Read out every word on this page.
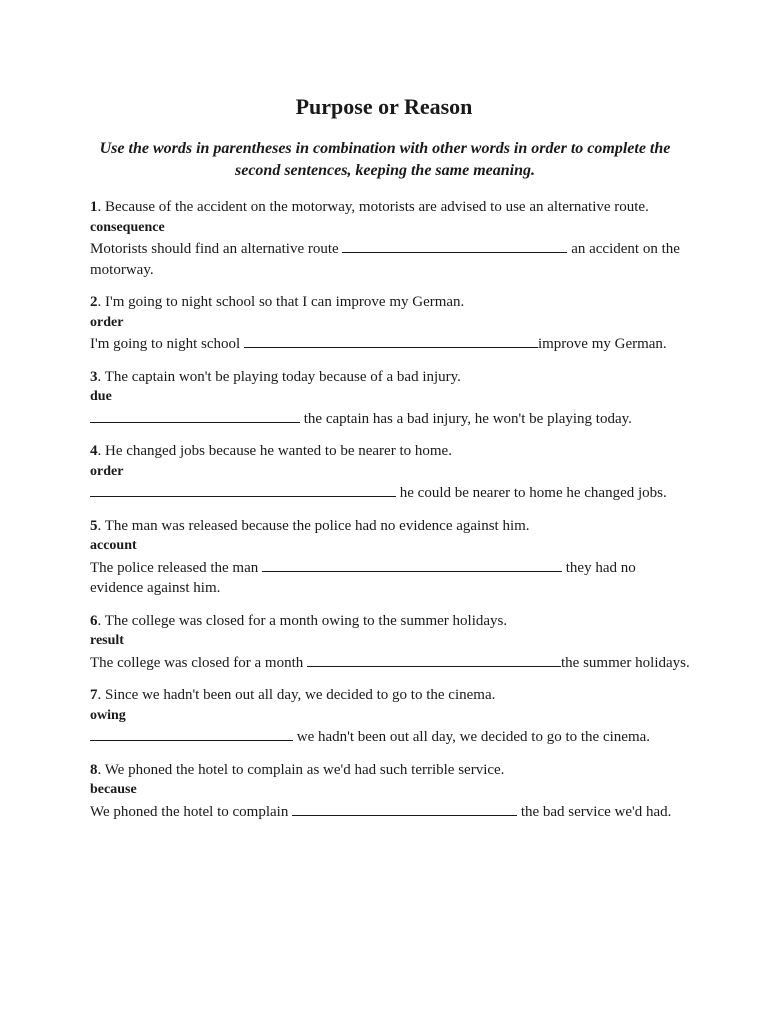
Purpose or Reason
Use the words in parentheses in combination with other words in order to complete the second sentences, keeping the same meaning.
1. Because of the accident on the motorway, motorists are advised to use an alternative route.
consequence
Motorists should find an alternative route	an accident on the motorway.
2. I'm going to night school so that I can improve my German.
order
I'm going to night school	improve my German.
3. The captain won't be playing today because of a bad injury.
due
the captain has a bad injury, he won't be playing today.
4. He changed jobs because he wanted to be nearer to home.
order
he could be nearer to home he changed jobs.
5. The man was released because the police had no evidence against him.
account
The police released the man	they had no evidence against him.
6. The college was closed for a month owing to the summer holidays.
result
The college was closed for a month	the summer holidays.
7. Since we hadn't been out all day, we decided to go to the cinema.
owing
we hadn't been out all day, we decided to go to the cinema.
8. We phoned the hotel to complain as we'd had such terrible service.
because
We phoned the hotel to complain	the bad service we'd had.
